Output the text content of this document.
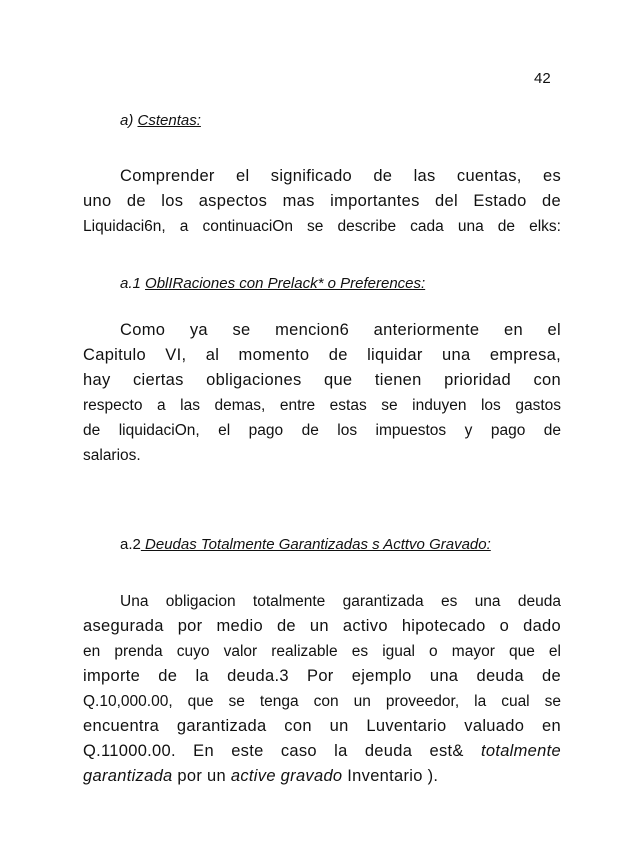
42
a) Cstentas:
Comprender el significado de las cuentas, es
uno de los aspectos mas importantes del Estado de
Liquidaci6n, a continuaciOn se describe cada una de elks:
a.1 OblIRaciones con Prelack* o Preferences:
Como ya se mencion6 anteriormente en el
Capitulo VI, al momento de liquidar una empresa,
hay ciertas obligaciones que tienen prioridad con
respecto a las demas, entre estas se induyen los gastos
de liquidaciOn, el pago de los impuestos y pago de
salarios.
a.2 Deudas Totalmente Garantizadas s Acttvo Gravado:
Una obligacion totalmente garantizada es una deuda
asegurada por medio de un activo hipotecado o dado
en prenda cuyo valor realizable es igual o mayor que el
importe de la deuda.3 Por ejemplo una deuda de
Q.10,000.00, que se tenga con un proveedor, la cual se
encuentra garantizada con un Luventario valuado en
Q.11000.00. En este caso la deuda est& totalmente
garantizada por un active gravado Inventario ).
